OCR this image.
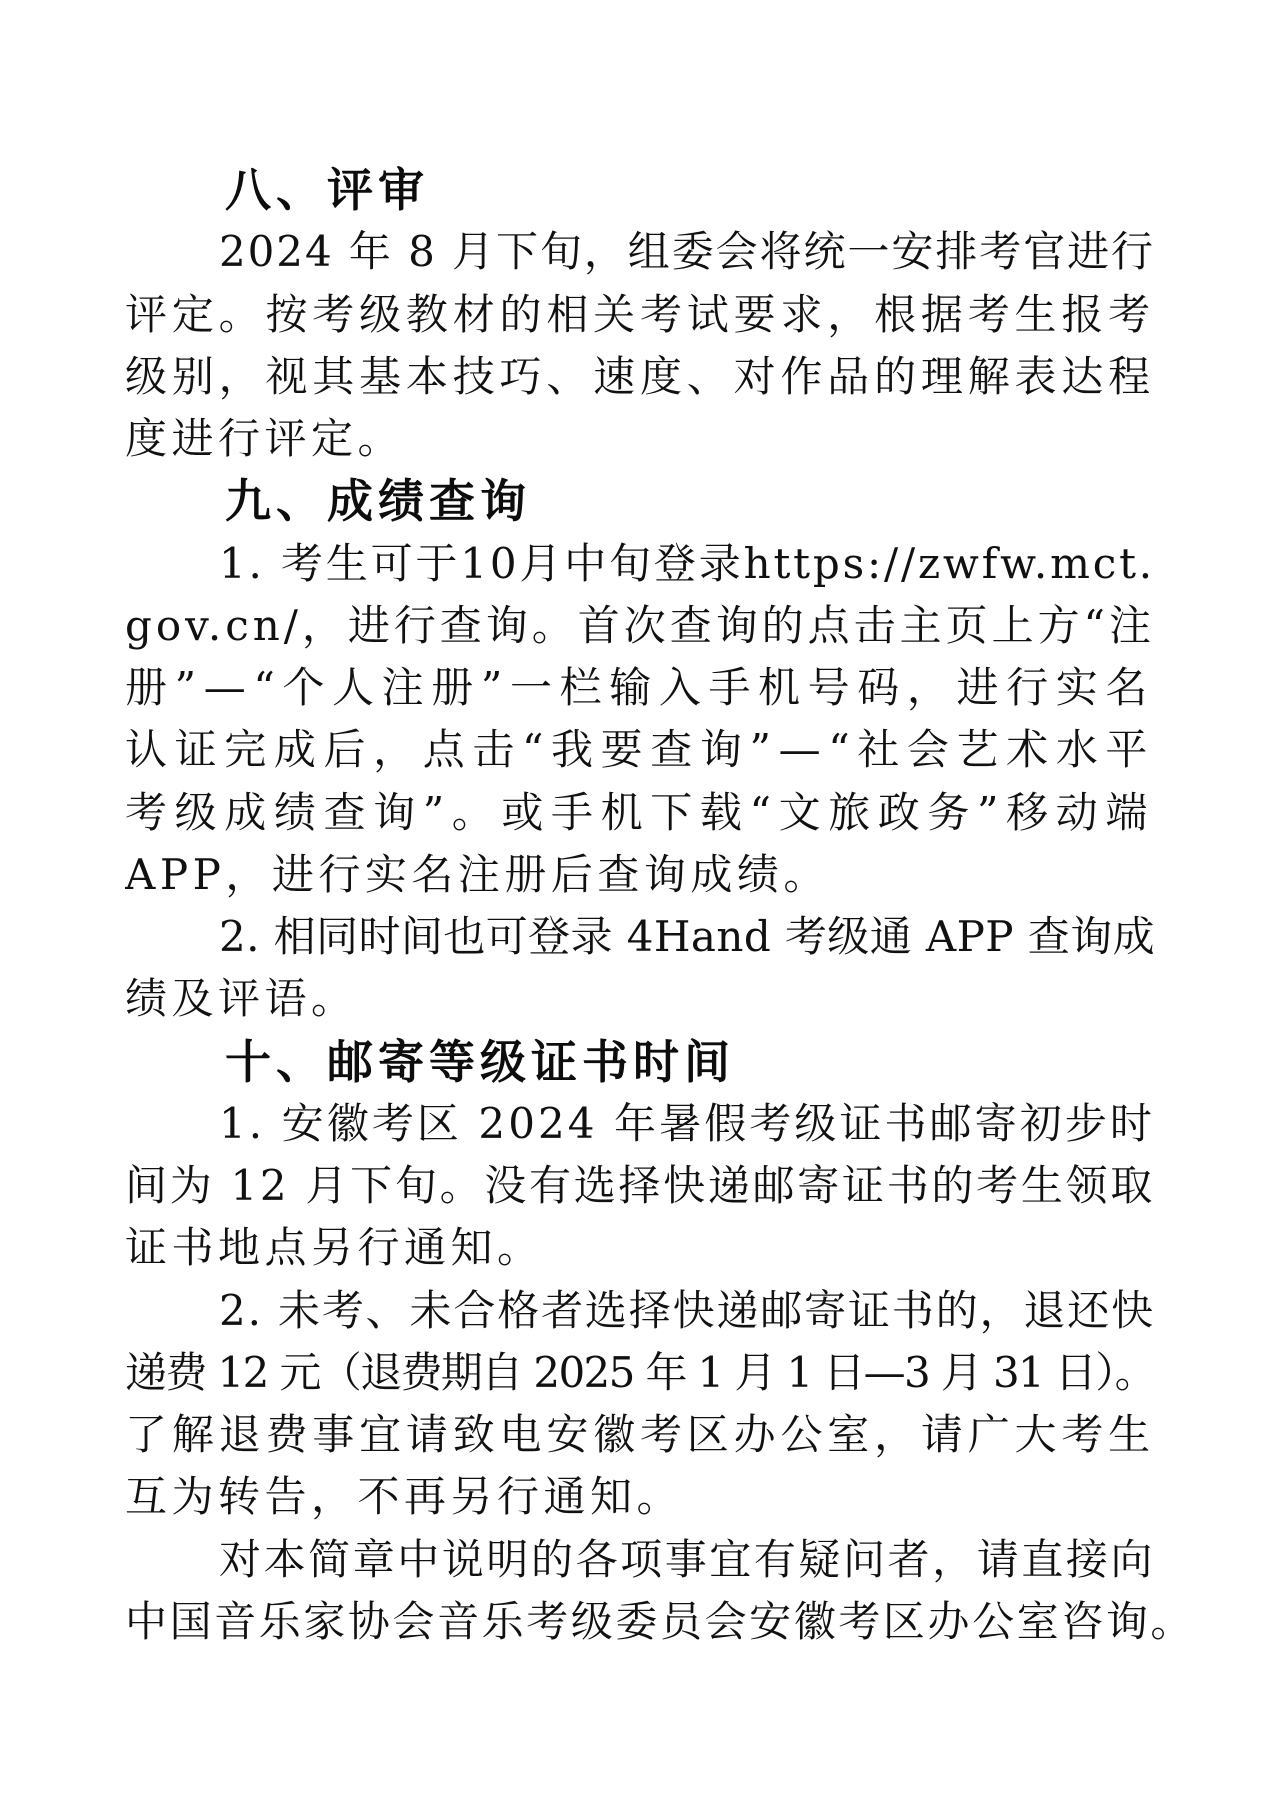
八、评审
2024 年 8 月下旬，组委会将统一安排考官进行
评定。按考级教材的相关考试要求，根据考生报考
级别，视其基本技巧、速度、对作品的理解表达程
度进行评定。
九、成绩查询
1. 考生可于10月中旬登录https://zwfw.mct.
gov.cn/，进行查询。首次查询的点击主页上方“注
册”—“个人注册”一栏输入手机号码，进行实名
认证完成后，点击“我要查询”—“社会艺术水平
考级成绩查询”。或手机下载“文旅政务”移动端
APP，进行实名注册后查询成绩。
2. 相同时间也可登录 4Hand 考级通 APP 查询成
绩及评语。
十、邮寄等级证书时间
1. 安徽考区 2024 年暑假考级证书邮寄初步时
间为 12 月下旬。没有选择快递邮寄证书的考生领取
证书地点另行通知。
2. 未考、未合格者选择快递邮寄证书的，退还快
递费 12 元（退费期自 2025 年 1 月 1 日—3 月 31 日）。
了解退费事宜请致电安徽考区办公室，请广大考生
互为转告，不再另行通知。
对本简章中说明的各项事宜有疑问者，请直接向
中国音乐家协会音乐考级委员会安徽考区办公室咨询。
